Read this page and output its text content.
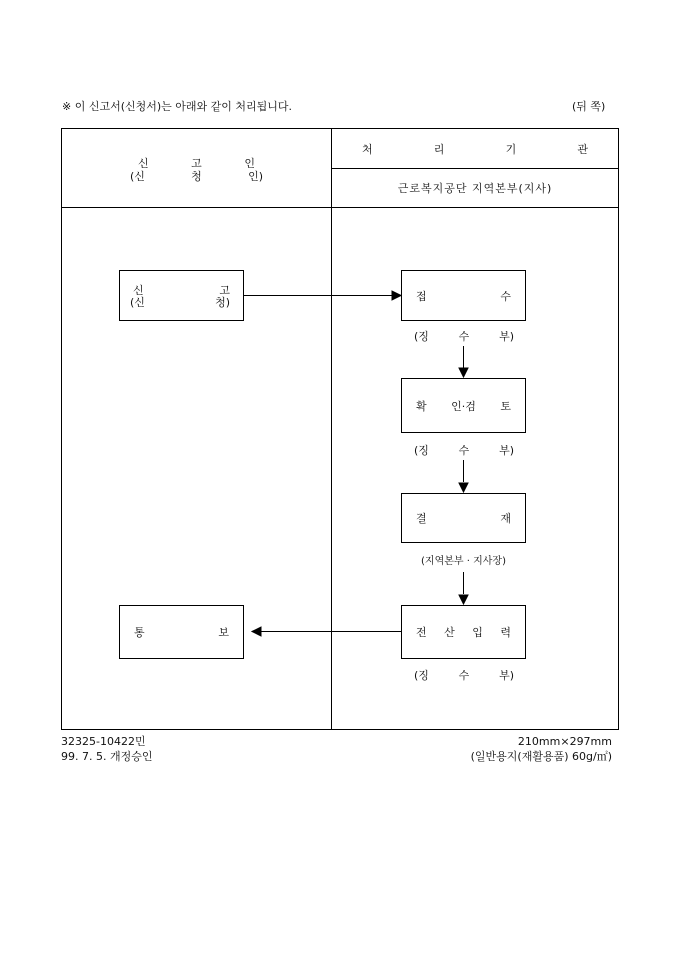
※ 이 신고서(신청서)는 아래와 같이 처리됩니다.	(뒤 쪽)
신	고	인
(신	청	인)
처	리	기	관
근로복지공단 지역본부(지사)
신	고
(신	청)
통	보
접	수
(징	수	부)
확 인·검 토
(징	수	부)
결	재
(지역본부 · 지사장)
전 산 입 력
(징	수	부)
32325-10422민
99. 7. 5. 개정승인
210mm×297mm
(일반용지(재활용품) 60g/㎡)
